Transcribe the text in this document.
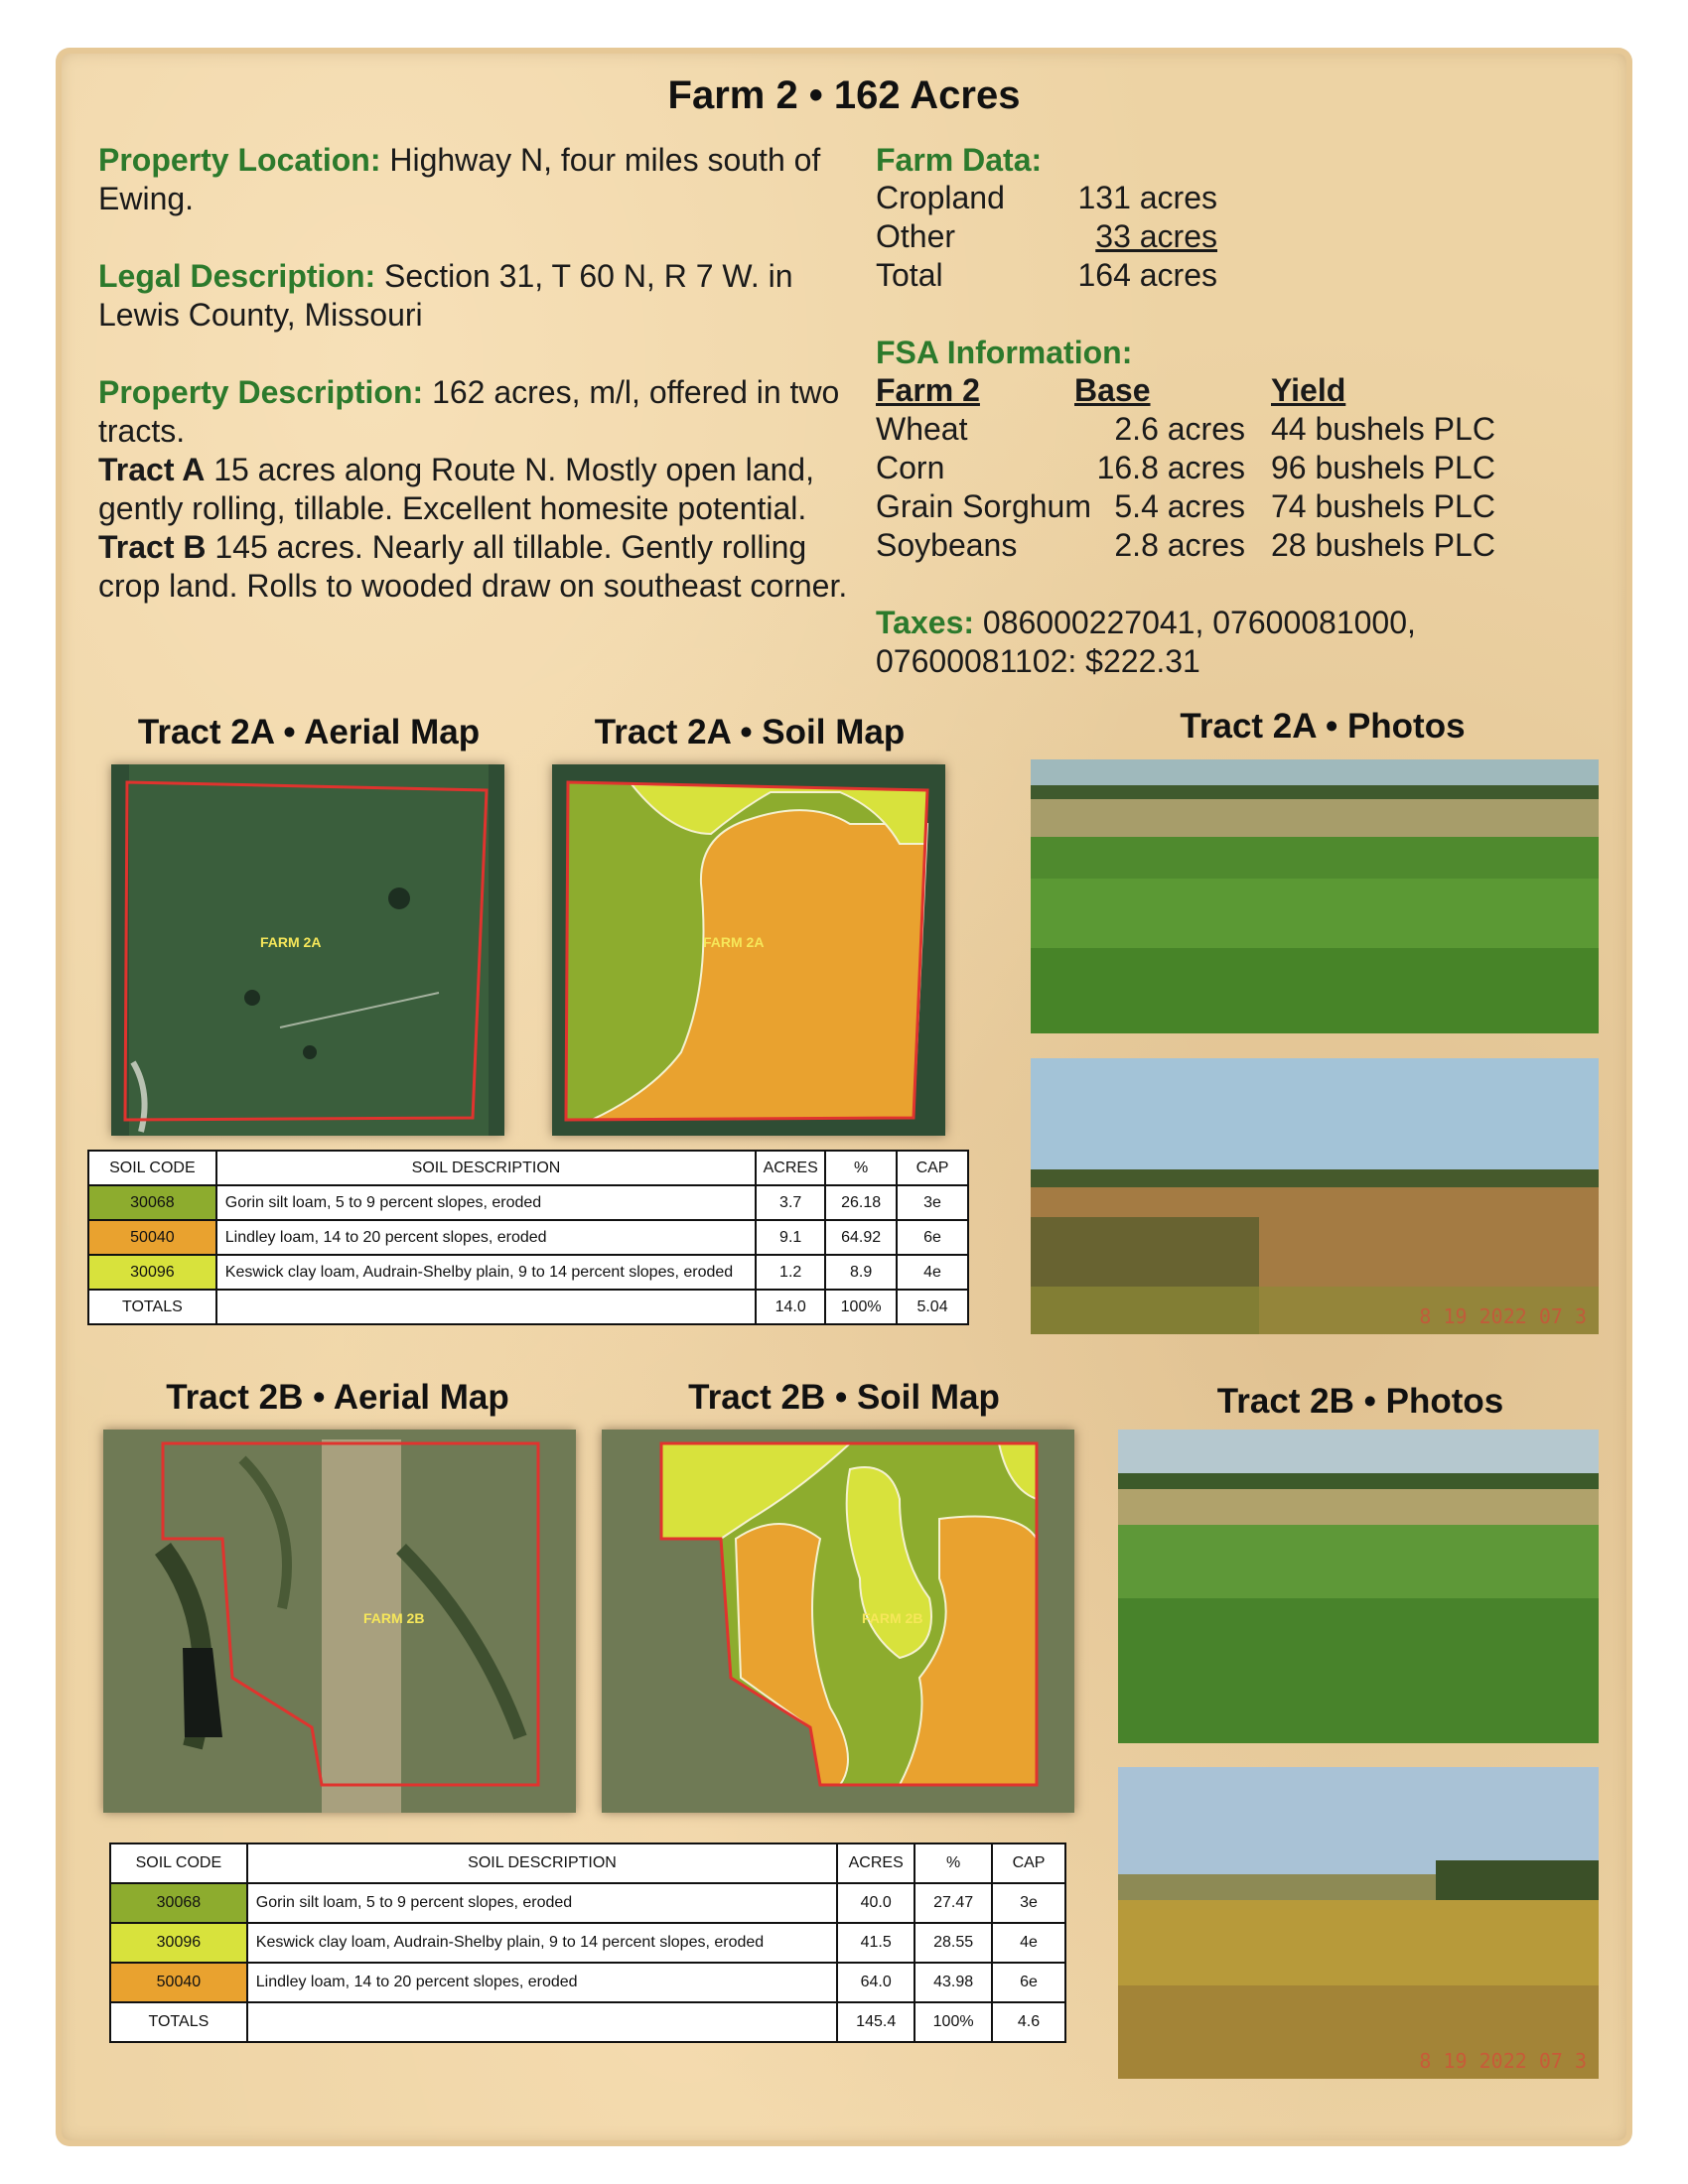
Farm 2 • 162 Acres
Property Location: Highway N, four miles south of Ewing.
Legal Description: Section 31, T 60 N, R 7 W. in Lewis County, Missouri
Property Description: 162 acres, m/l, offered in two tracts.
Tract A 15 acres along Route N. Mostly open land, gently rolling, tillable. Excellent homesite potential.
Tract B 145 acres. Nearly all tillable. Gently rolling crop land. Rolls to wooded draw on southeast corner.
Farm Data:
Cropland	131 acres
Other	33 acres
Total	164 acres
FSA Information:
Farm 2	Base	Yield
Wheat	2.6 acres 44 bushels PLC
Corn	16.8 acres 96 bushels PLC
Grain Sorghum 5.4 acres 74 bushels PLC
Soybeans	2.8 acres 28 bushels PLC
Taxes: 086000227041, 07600081000, 07600081102: $222.31
Tract 2A • Aerial Map	Tract 2A • Soil Map	Tract 2A • Photos
FARM 2A	FARM 2A
8 19 2022 07 3
SOIL CODE	SOIL DESCRIPTION	ACRES	%	CAP
30068	Gorin silt loam, 5 to 9 percent slopes, eroded	3.7	26.18	3e
50040	Lindley loam, 14 to 20 percent slopes, eroded	9.1	64.92	6e
30096	Keswick clay loam, Audrain-Shelby plain, 9 to 14 percent slopes, eroded	1.2	8.9	4e
TOTALS		14.0	100%	5.04
Tract 2B • Aerial Map	Tract 2B • Soil Map	Tract 2B • Photos
FARM 2B	FARM 2B
8 19 2022 07 3
SOIL CODE	SOIL DESCRIPTION	ACRES	%	CAP
30068	Gorin silt loam, 5 to 9 percent slopes, eroded	40.0	27.47	3e
30096	Keswick clay loam, Audrain-Shelby plain, 9 to 14 percent slopes, eroded	41.5	28.55	4e
50040	Lindley loam, 14 to 20 percent slopes, eroded	64.0	43.98	6e
TOTALS		145.4	100%	4.6
